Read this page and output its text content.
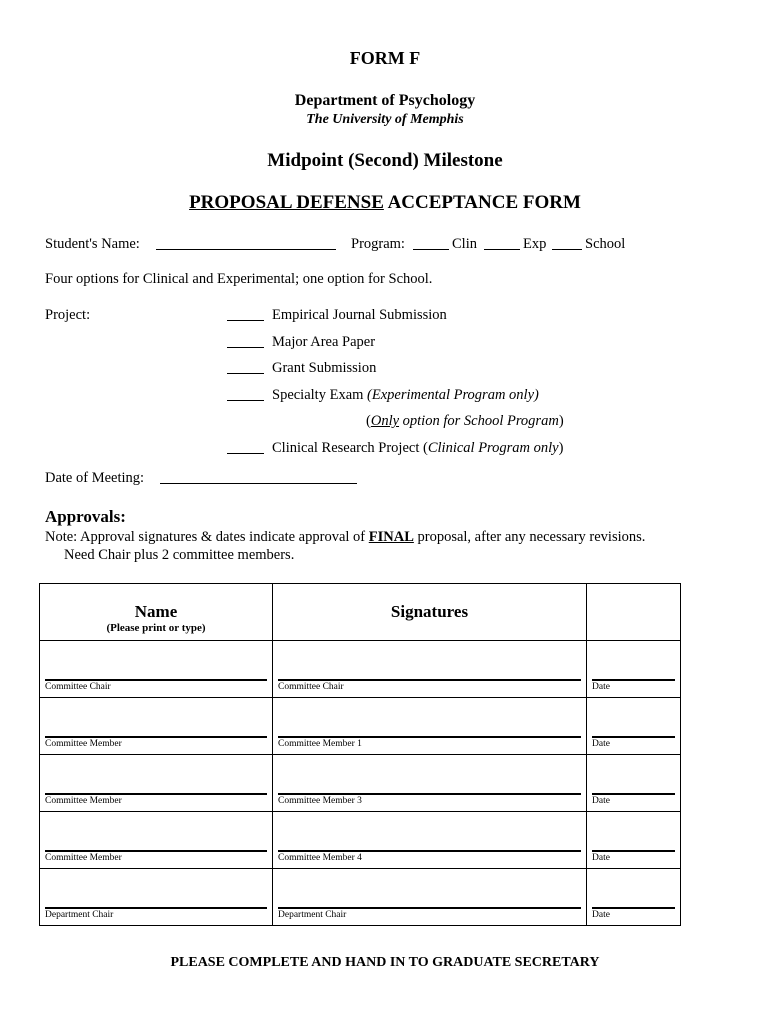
FORM F
Department of Psychology
The University of Memphis
Midpoint (Second) Milestone
PROPOSAL DEFENSE ACCEPTANCE FORM
Student's Name:	Program:	Clin	Exp	School
Four options for Clinical and Experimental; one option for School.
Project:	Empirical Journal Submission
Major Area Paper
Grant Submission
Specialty Exam (Experimental Program only)
(Only option for School Program)
Clinical Research Project (Clinical Program only)
Date of Meeting:
Approvals:
Note: Approval signatures & dates indicate approval of FINAL proposal, after any necessary revisions.
Need Chair plus 2 committee members.
Name
(Please print or type)	Signatures	

Committee Chair	Committee Chair	Date

Committee Member	Committee Member 1	Date

Committee Member	Committee Member 3	Date

Committee Member	Committee Member 4	Date

Department Chair	Department Chair	Date
PLEASE COMPLETE AND HAND IN TO GRADUATE SECRETARY
